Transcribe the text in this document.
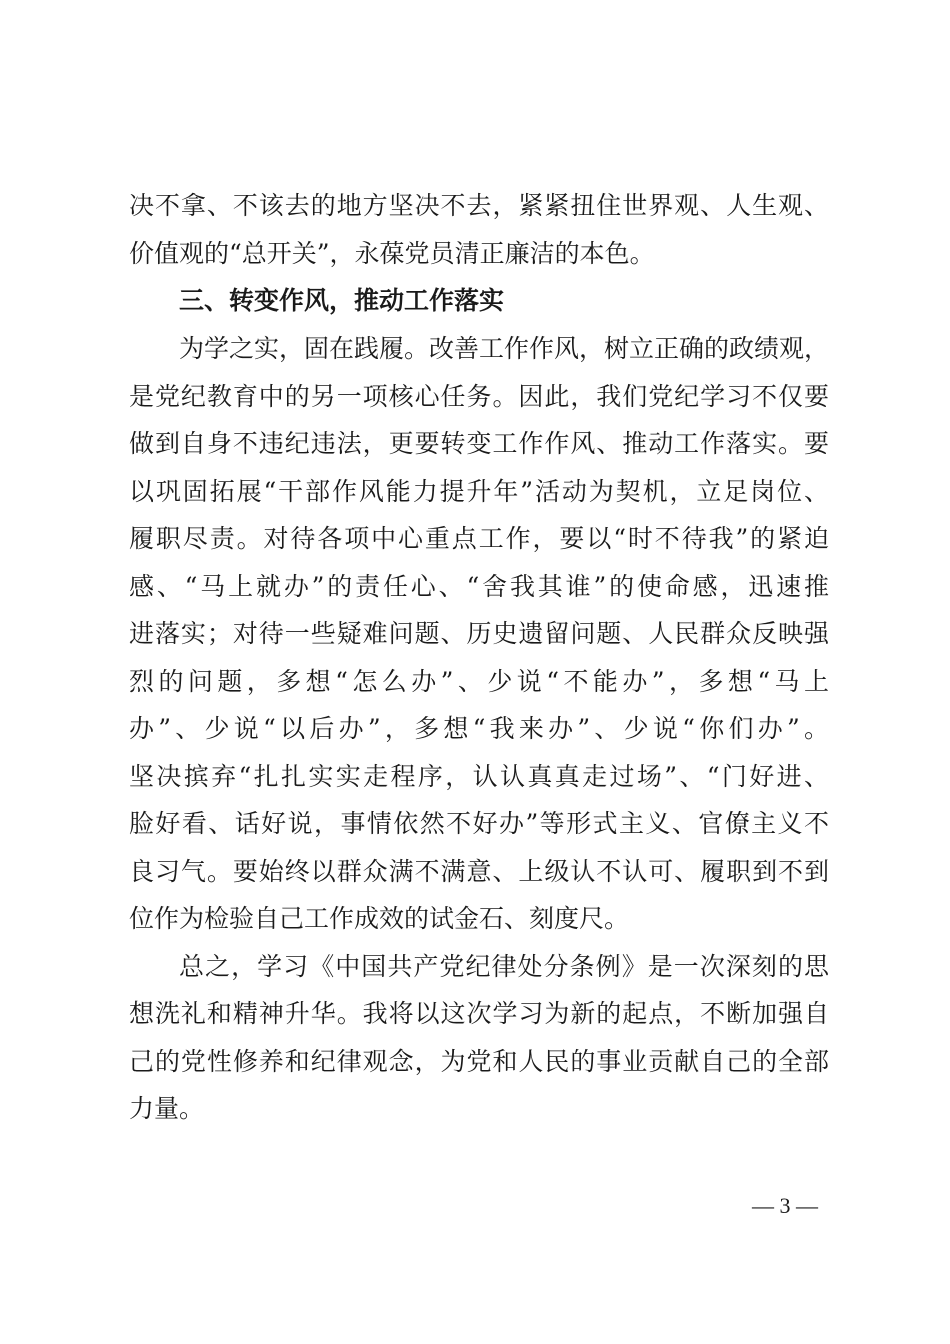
决不拿、不该去的地方坚决不去，紧紧扭住世界观、人生观、
价值观的“总开关”，永葆党员清正廉洁的本色。
三、转变作风，推动工作落实
为学之实，固在践履。改善工作作风，树立正确的政绩观，
是党纪教育中的另一项核心任务。因此，我们党纪学习不仅要
做到自身不违纪违法，更要转变工作作风、推动工作落实。要
以巩固拓展“干部作风能力提升年”活动为契机，立足岗位、
履职尽责。对待各项中心重点工作，要以“时不待我”的紧迫
感、“马上就办”的责任心、“舍我其谁”的使命感，迅速推
进落实；对待一些疑难问题、历史遗留问题、人民群众反映强
烈的问题，多想“怎么办”、少说“不能办”，多想“马上
办”、少说“以后办”，多想“我来办”、少说“你们办”。
坚决摈弃“扎扎实实走程序，认认真真走过场”、“门好进、
脸好看、话好说，事情依然不好办”等形式主义、官僚主义不
良习气。要始终以群众满不满意、上级认不认可、履职到不到
位作为检验自己工作成效的试金石、刻度尺。
总之，学习《中国共产党纪律处分条例》是一次深刻的思
想洗礼和精神升华。我将以这次学习为新的起点，不断加强自
己的党性修养和纪律观念，为党和人民的事业贡献自己的全部
力量。
— 3 —
